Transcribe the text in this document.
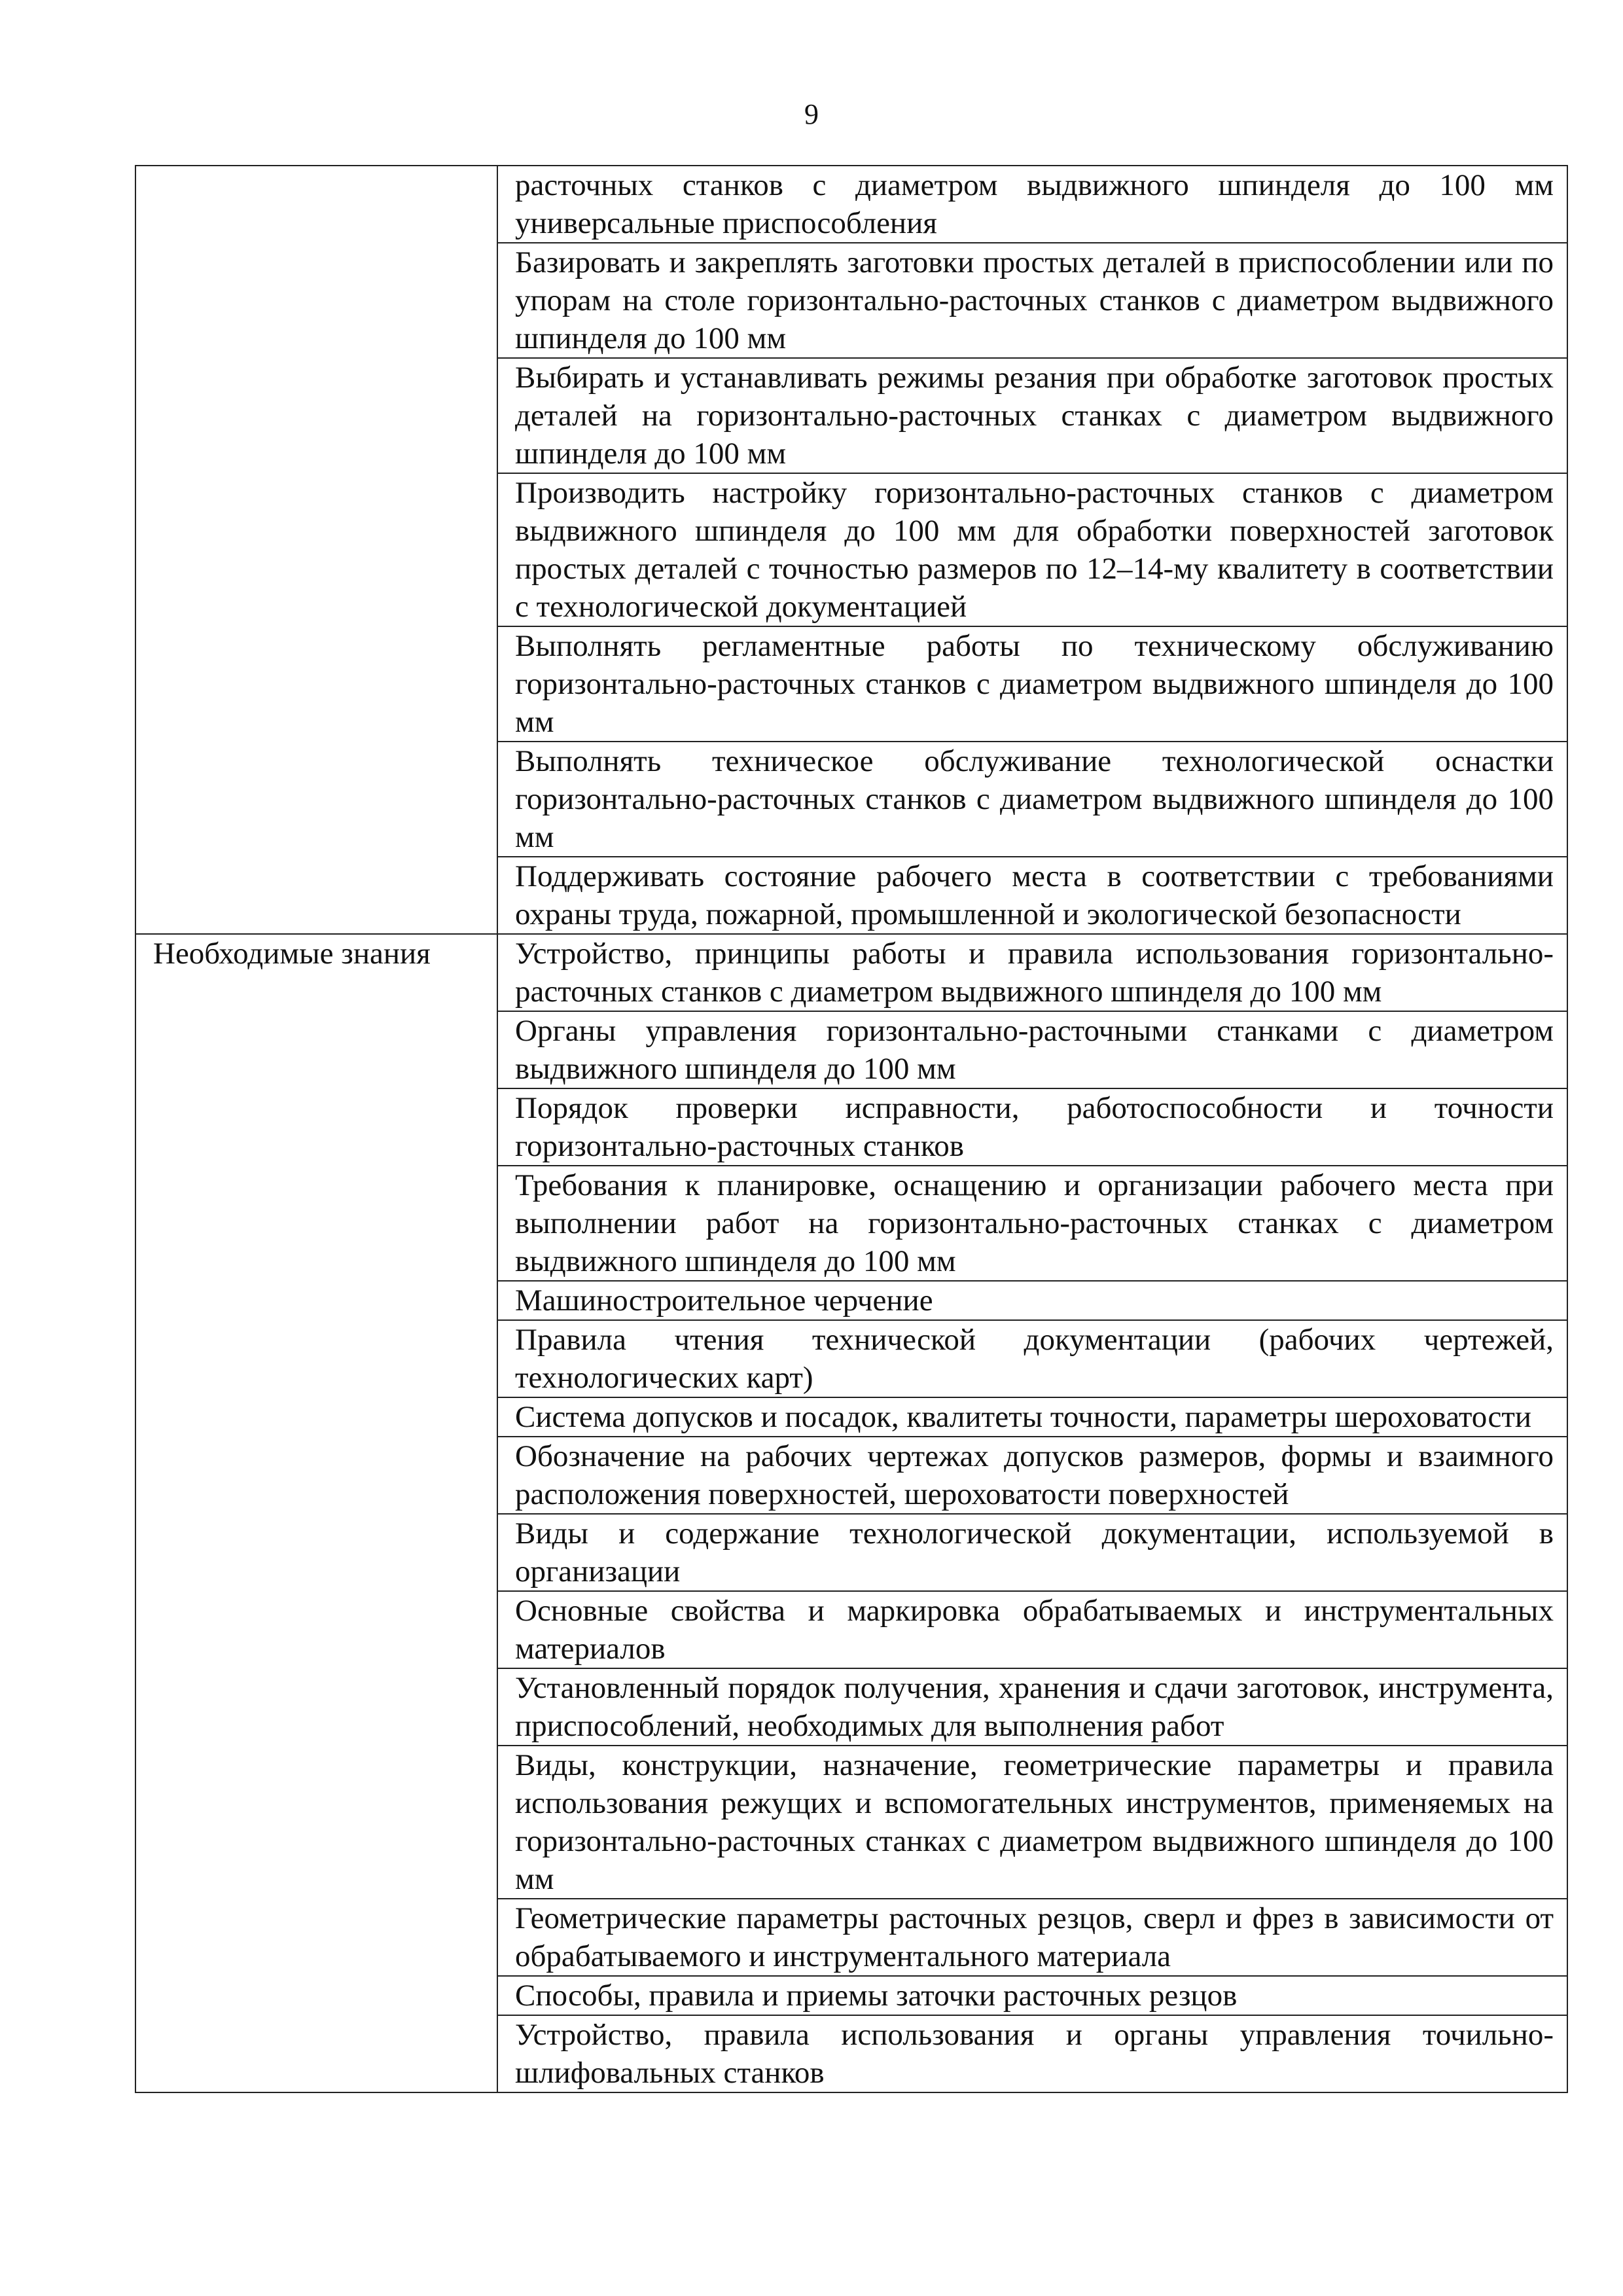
9
	расточных станков с диаметром выдвижного шпинделя до 100 мм универсальные приспособления
	Базировать и закреплять заготовки простых деталей в приспособлении или по упорам на столе горизонтально-расточных станков с диаметром выдвижного шпинделя до 100 мм
	Выбирать и устанавливать режимы резания при обработке заготовок простых деталей на горизонтально-расточных станках с диаметром выдвижного шпинделя до 100 мм
	Производить настройку горизонтально-расточных станков с диаметром выдвижного шпинделя до 100 мм для обработки поверхностей заготовок простых деталей с точностью размеров по 12–14-му квалитету в соответствии с технологической документацией
	Выполнять регламентные работы по техническому обслуживанию горизонтально-расточных станков с диаметром выдвижного шпинделя до 100 мм
	Выполнять техническое обслуживание технологической оснастки горизонтально-расточных станков с диаметром выдвижного шпинделя до 100 мм
	Поддерживать состояние рабочего места в соответствии с требованиями охраны труда, пожарной, промышленной и экологической безопасности
Необходимые знания	Устройство, принципы работы и правила использования горизонтально-расточных станков с диаметром выдвижного шпинделя до 100 мм
	Органы управления горизонтально-расточными станками с диаметром выдвижного шпинделя до 100 мм
	Порядок проверки исправности, работоспособности и точности горизонтально-расточных станков
	Требования к планировке, оснащению и организации рабочего места при выполнении работ на горизонтально-расточных станках с диаметром выдвижного шпинделя до 100 мм
	Машиностроительное черчение
	Правила чтения технической документации (рабочих чертежей, технологических карт)
	Система допусков и посадок, квалитеты точности, параметры шероховатости
	Обозначение на рабочих чертежах допусков размеров, формы и взаимного расположения поверхностей, шероховатости поверхностей
	Виды и содержание технологической документации, используемой в организации
	Основные свойства и маркировка обрабатываемых и инструментальных материалов
	Установленный порядок получения, хранения и сдачи заготовок, инструмента, приспособлений, необходимых для выполнения работ
	Виды, конструкции, назначение, геометрические параметры и правила использования режущих и вспомогательных инструментов, применяемых на горизонтально-расточных станках с диаметром выдвижного шпинделя до 100 мм
	Геометрические параметры расточных резцов, сверл и фрез в зависимости от обрабатываемого и инструментального материала
	Способы, правила и приемы заточки расточных резцов
	Устройство, правила использования и органы управления точильно-шлифовальных станков
